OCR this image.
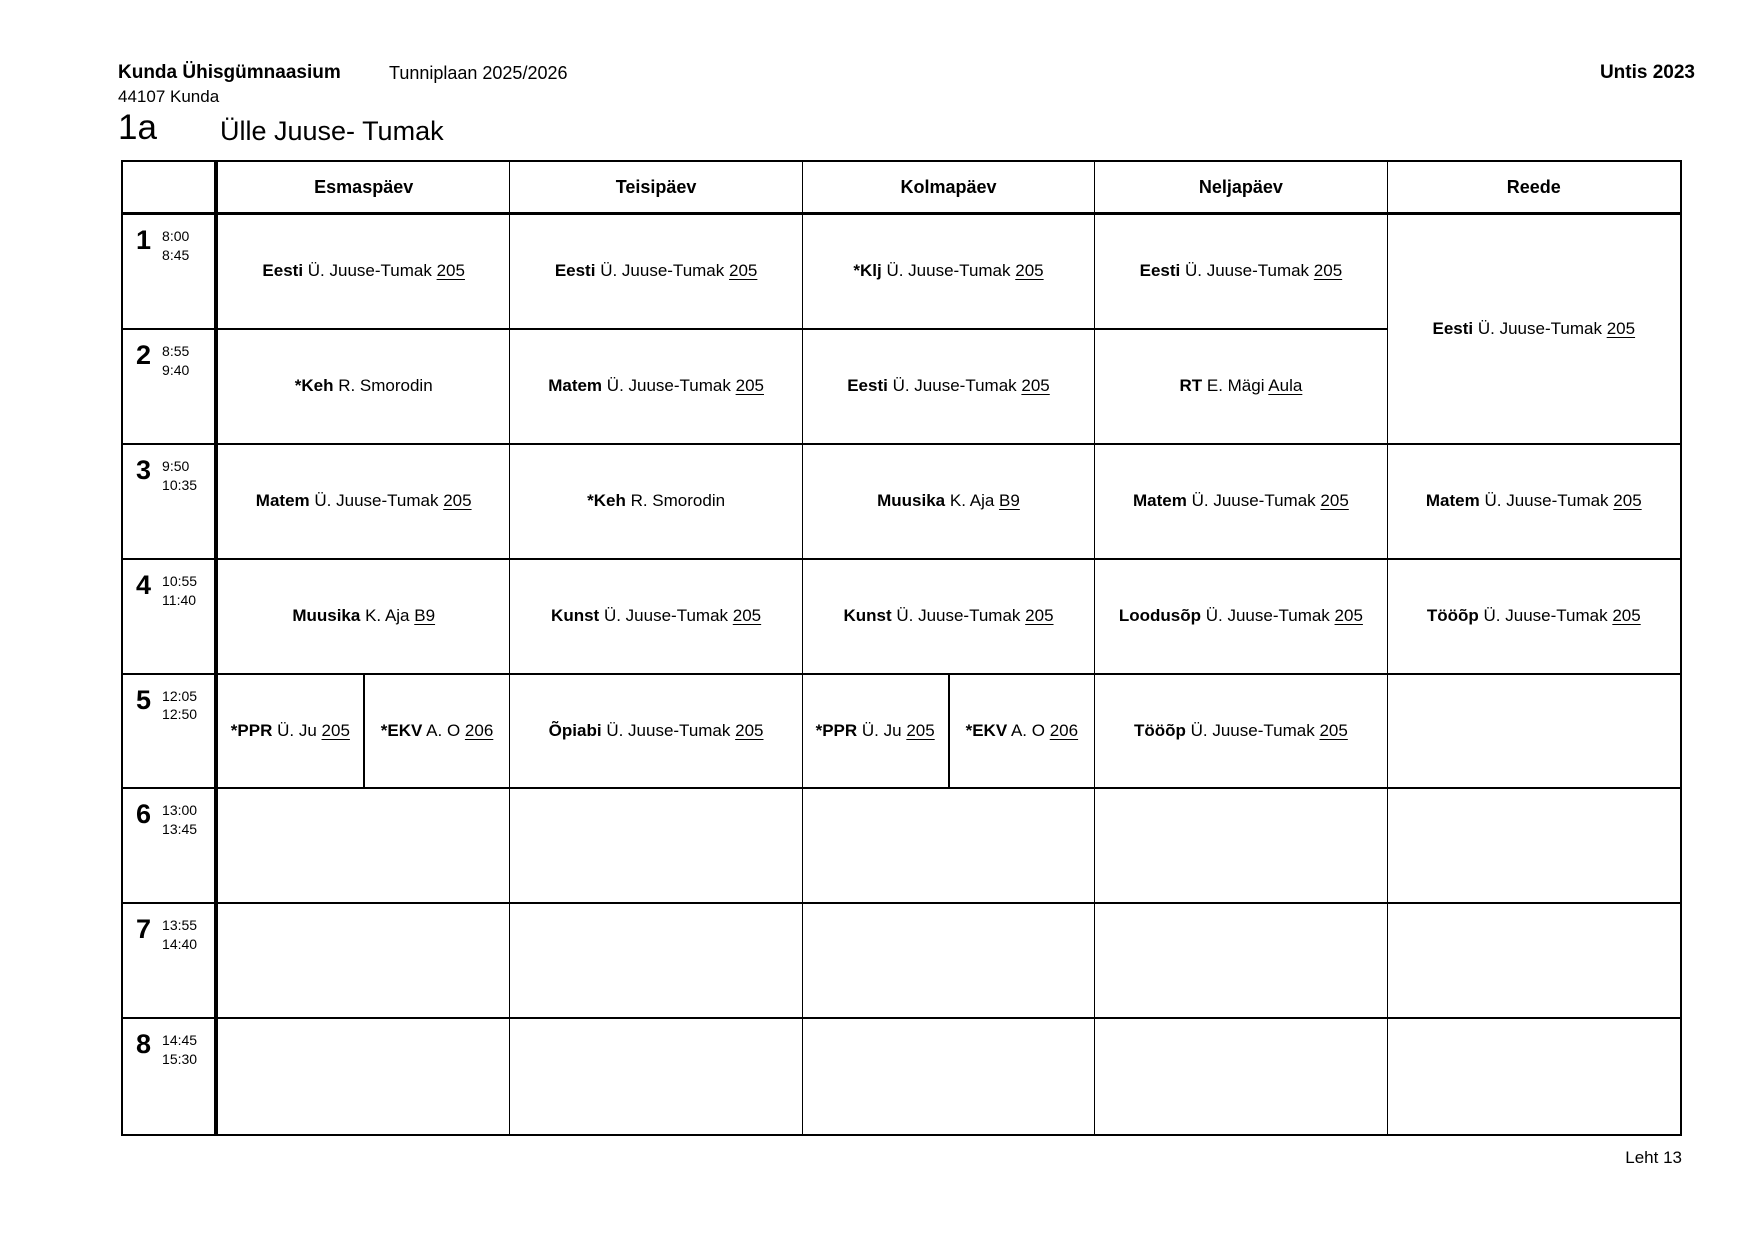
Kunda Ühisgümnaasium	Tunniplaan 2025/2026
44107 Kunda
Untis 2023
1a Ülle Juuse- Tumak
Esmaspäev	Teisipäev	Kolmapäev	Neljapäev	Reede
1 8:00
8:45
Eesti Ü. Juuse-Tumak 205	Eesti Ü. Juuse-Tumak 205	*Klj Ü. Juuse-Tumak 205	Eesti Ü. Juuse-Tumak 205
Eesti Ü. Juuse-Tumak 205
2 8:55
9:40
*Keh R. Smorodin	Matem Ü. Juuse-Tumak 205	Eesti Ü. Juuse-Tumak 205	RT E. Mägi Aula
3 9:50
10:35
Matem Ü. Juuse-Tumak 205	*Keh R. Smorodin	Muusika K. Aja B9	Matem Ü. Juuse-Tumak 205	Matem Ü. Juuse-Tumak 205
4 10:55
11:40
Muusika K. Aja B9	Kunst Ü. Juuse-Tumak 205	Kunst Ü. Juuse-Tumak 205	Loodusõp Ü. Juuse-Tumak 205	Tööõp Ü. Juuse-Tumak 205
5 12:05
12:50
*PPR Ü. Ju 205 *EKV A. O 206	Õpiabi Ü. Juuse-Tumak 205	*PPR Ü. Ju 205 *EKV A. O 206	Tööõp Ü. Juuse-Tumak 205
6 13:00
13:45
7 13:55
14:40
8 14:45
15:30
Leht 13
